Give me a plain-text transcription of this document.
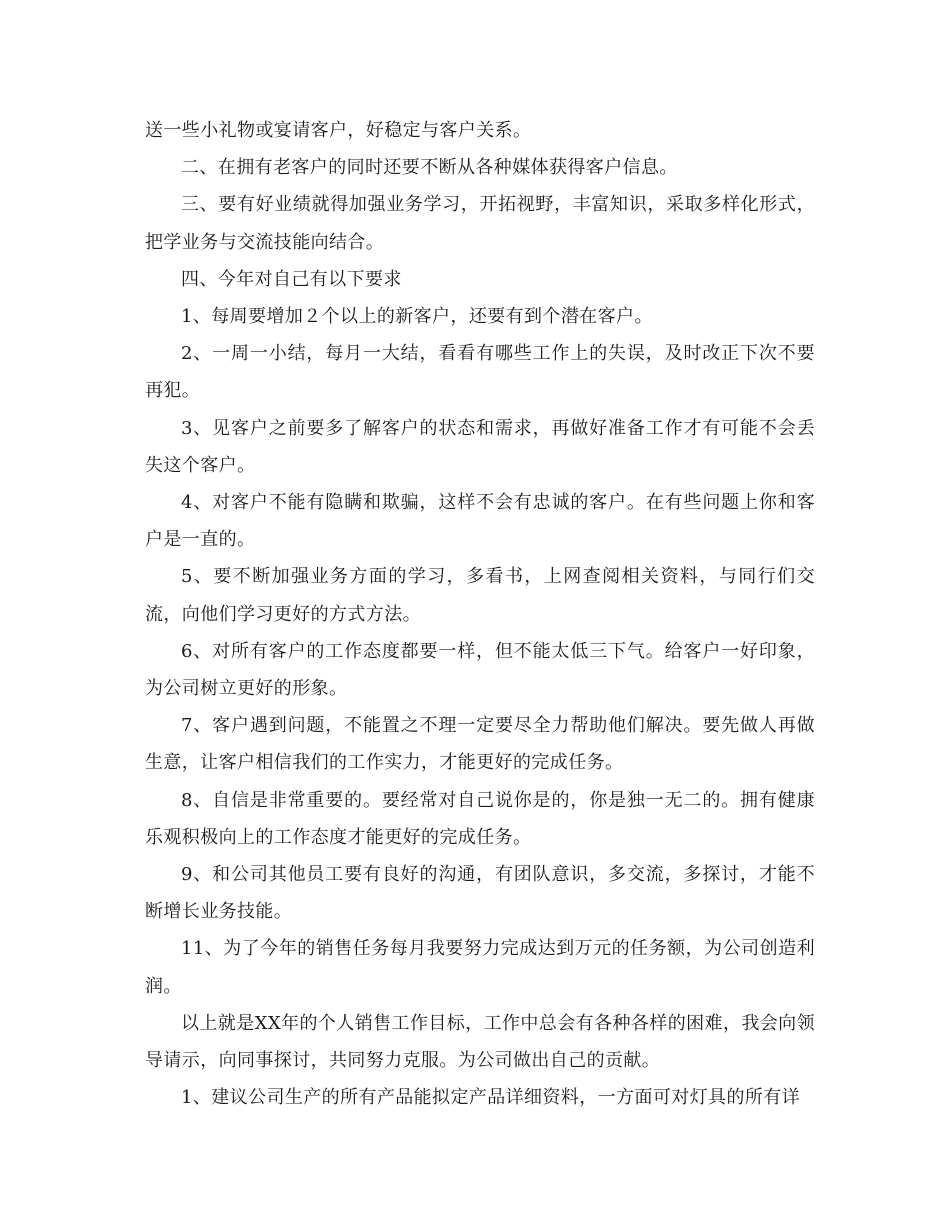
送一些小礼物或宴请客户，好稳定与客户关系。

二、在拥有老客户的同时还要不断从各种媒体获得客户信息。

三、要有好业绩就得加强业务学习，开拓视野，丰富知识，采取多样化形式，把学业务与交流技能向结合。

四、今年对自己有以下要求

1、每周要增加２个以上的新客户，还要有到个潜在客户。

2、一周一小结，每月一大结，看看有哪些工作上的失误，及时改正下次不要再犯。

3、见客户之前要多了解客户的状态和需求，再做好准备工作才有可能不会丢失这个客户。

4、对客户不能有隐瞒和欺骗，这样不会有忠诚的客户。在有些问题上你和客户是一直的。

5、要不断加强业务方面的学习，多看书，上网查阅相关资料，与同行们交流，向他们学习更好的方式方法。

6、对所有客户的工作态度都要一样，但不能太低三下气。给客户一好印象，为公司树立更好的形象。

7、客户遇到问题，不能置之不理一定要尽全力帮助他们解决。要先做人再做生意，让客户相信我们的工作实力，才能更好的完成任务。

8、自信是非常重要的。要经常对自己说你是的，你是独一无二的。拥有健康乐观积极向上的工作态度才能更好的完成任务。

9、和公司其他员工要有良好的沟通，有团队意识，多交流，多探讨，才能不断增长业务技能。

11、为了今年的销售任务每月我要努力完成达到万元的任务额，为公司创造利润。

以上就是XX年的个人销售工作目标，工作中总会有各种各样的困难，我会向领导请示，向同事探讨，共同努力克服。为公司做出自己的贡献。

1、建议公司生产的所有产品能拟定产品详细资料，一方面可对灯具的所有详
